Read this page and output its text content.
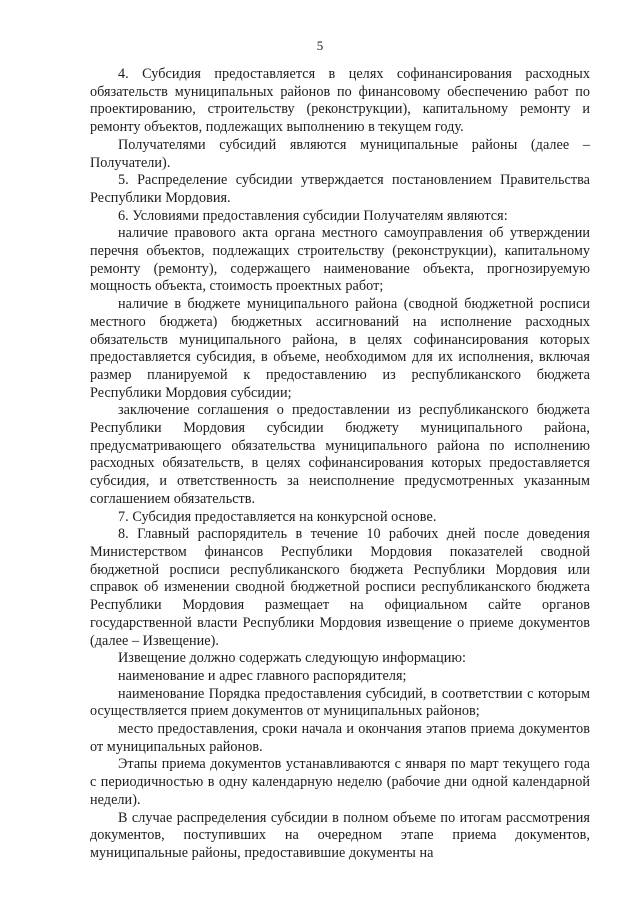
5

4. Субсидия предоставляется в целях софинансирования расходных обязательств муниципальных районов по финансовому обеспечению работ по проектированию, строительству (реконструкции), капитальному ремонту и ремонту объектов, подлежащих выполнению в текущем году.

Получателями субсидий являются муниципальные районы (далее – Получатели).

5. Распределение субсидии утверждается постановлением Правительства Республики Мордовия.

6. Условиями предоставления субсидии Получателям являются:

наличие правового акта органа местного самоуправления об утверждении перечня объектов, подлежащих строительству (реконструкции), капитальному ремонту (ремонту), содержащего наименование объекта, прогнозируемую мощность объекта, стоимость проектных работ;

наличие в бюджете муниципального района (сводной бюджетной росписи местного бюджета) бюджетных ассигнований на исполнение расходных обязательств муниципального района, в целях софинансирования которых предоставляется субсидия, в объеме, необходимом для их исполнения, включая размер планируемой к предоставлению из республиканского бюджета Республики Мордовия субсидии;

заключение соглашения о предоставлении из республиканского бюджета Республики Мордовия субсидии бюджету муниципального района, предусматривающего обязательства муниципального района по исполнению расходных обязательств, в целях софинансирования которых предоставляется субсидия, и ответственность за неисполнение предусмотренных указанным соглашением обязательств.

7. Субсидия предоставляется на конкурсной основе.

8. Главный распорядитель в течение 10 рабочих дней после доведения Министерством финансов Республики Мордовия показателей сводной бюджетной росписи республиканского бюджета Республики Мордовия или справок об изменении сводной бюджетной росписи республиканского бюджета Республики Мордовия размещает на официальном сайте органов государственной власти Республики Мордовия извещение о приеме документов (далее – Извещение).

Извещение должно содержать следующую информацию:

наименование и адрес главного распорядителя;

наименование Порядка предоставления субсидий, в соответствии с которым осуществляется прием документов от муниципальных районов;

место предоставления, сроки начала и окончания этапов приема документов от муниципальных районов.

Этапы приема документов устанавливаются с января по март текущего года с периодичностью в одну календарную неделю (рабочие дни одной календарной недели).

В случае распределения субсидии в полном объеме по итогам рассмотрения документов, поступивших на очередном этапе приема документов, муниципальные районы, предоставившие документы на
